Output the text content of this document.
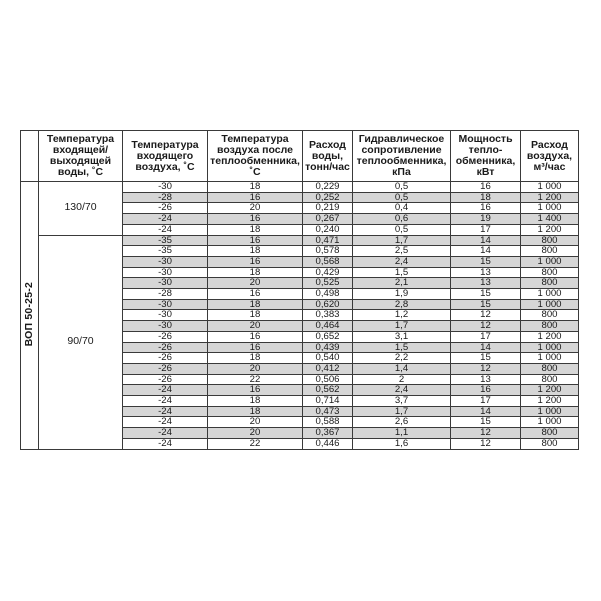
	Температура входящей/ выходящей воды, ˚С	Температура входящего воздуха, ˚С	Температура воздуха после теплообменника, ˚С	Расход воды, тонн/час	Гидравлическое сопротивление теплообменника, кПа	Мощность тепло-обменника, кВт	Расход воздуха, м³/час
ВОП 50-25-2	130/70	-30	18	0,229	0,5	16	1 000
		-28	16	0,252	0,5	18	1 200
		-26	20	0,219	0,4	16	1 000
		-24	16	0,267	0,6	19	1 400
		-24	18	0,240	0,5	17	1 200

	90/70	-35	16	0,471	1,7	14	800
		-35	18	0,578	2,5	14	800
		-30	16	0,568	2,4	15	1 000
		-30	18	0,429	1,5	13	800
		-30	20	0,525	2,1	13	800
		-28	16	0,498	1,9	15	1 000
		-30	18	0,620	2,8	15	1 000
		-30	18	0,383	1,2	12	800
		-30	20	0,464	1,7	12	800
		-26	16	0,652	3,1	17	1 200
		-26	16	0,439	1,5	14	1 000
		-26	18	0,540	2,2	15	1 000
		-26	20	0,412	1,4	12	800
		-26	22	0,506	2	13	800
		-24	16	0,562	2,4	16	1 200
		-24	18	0,714	3,7	17	1 200
		-24	18	0,473	1,7	14	1 000
		-24	20	0,588	2,6	15	1 000
		-24	20	0,367	1,1	12	800
		-24	22	0,446	1,6	12	800
